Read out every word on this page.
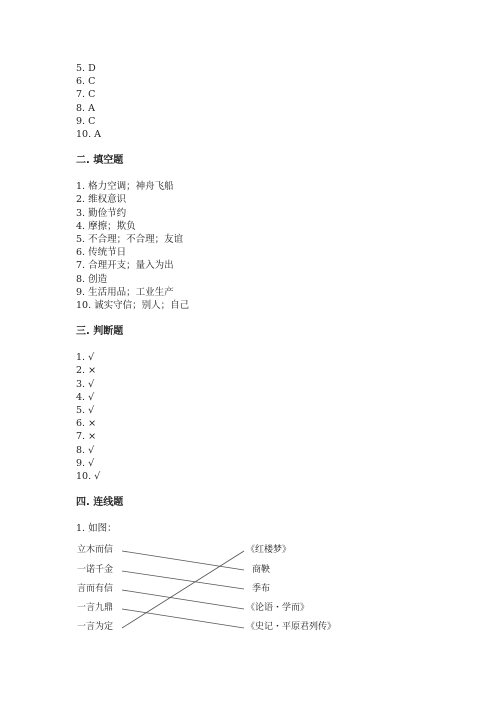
5. D
6. C
7. C
8. A
9. C
10. A
二. 填空题
1. 格力空调；神舟飞船
2. 维权意识
3. 勤俭节约
4. 摩擦；欺负
5. 不合理；不合理；友谊
6. 传统节日
7. 合理开支；量入为出
8. 创造
9. 生活用品；工业生产
10. 诚实守信；别人；自己
三. 判断题
1. √
2. ×
3. √
4. √
5. √
6. ×
7. ×
8. √
9. √
10. √
四. 连线题
1. 如图：
立木而信
一诺千金
言而有信
一言九鼎
一言为定
《红楼梦》
商鞅
季布
《论语・学而》
《史记・平原君列传》
